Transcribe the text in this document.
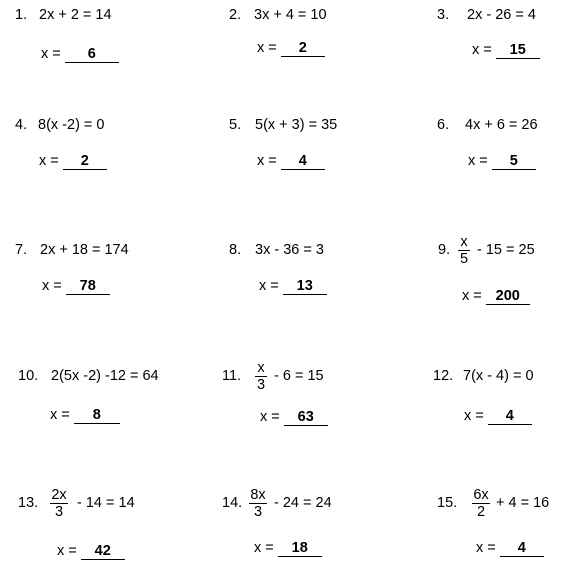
1. 2x + 2 = 14
x = 6
2. 3x + 4 = 10
x = 2
3. 2x - 26 = 4
x = 15
4. 8(x -2) = 0
x = 2
5. 5(x + 3) = 35
x = 4
6. 4x + 6 = 26
x = 5
7. 2x + 18 = 174
x = 78
8. 3x - 36 = 3
x = 13
9. x
5
- 15 = 25
x = 200
10. 2(5x -2) -12 = 64
x = 8
11. x
3
- 6 = 15
x = 63
12. 7(x - 4) = 0
x = 4
13. 2x
3
- 14 = 14
x = 42
14. 8x
3
- 24 = 24
x = 18
15. 6x
2
+ 4 = 16
x = 4
